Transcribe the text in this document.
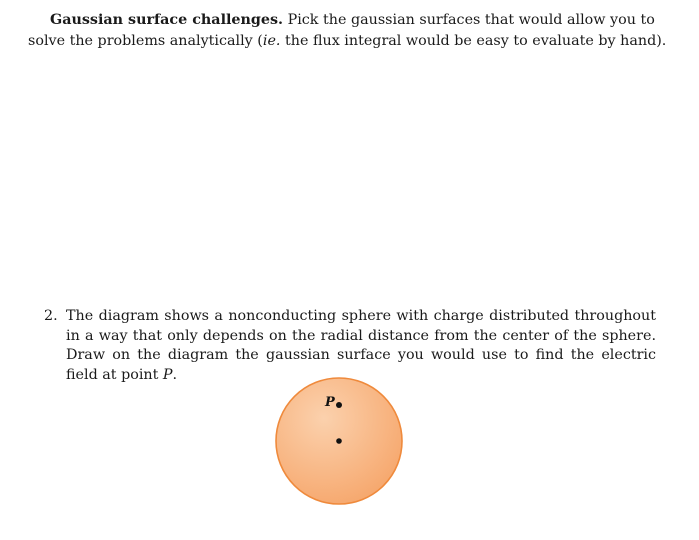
Gaussian surface challenges. Pick the gaussian surfaces that would allow you to solve the problems analytically (ie. the flux integral would be easy to evaluate by hand).

2. The diagram shows a nonconducting sphere with charge distributed throughout in a way that only depends on the radial distance from the center of the sphere. Draw on the diagram the gaussian surface you would use to find the electric field at point P.
P
